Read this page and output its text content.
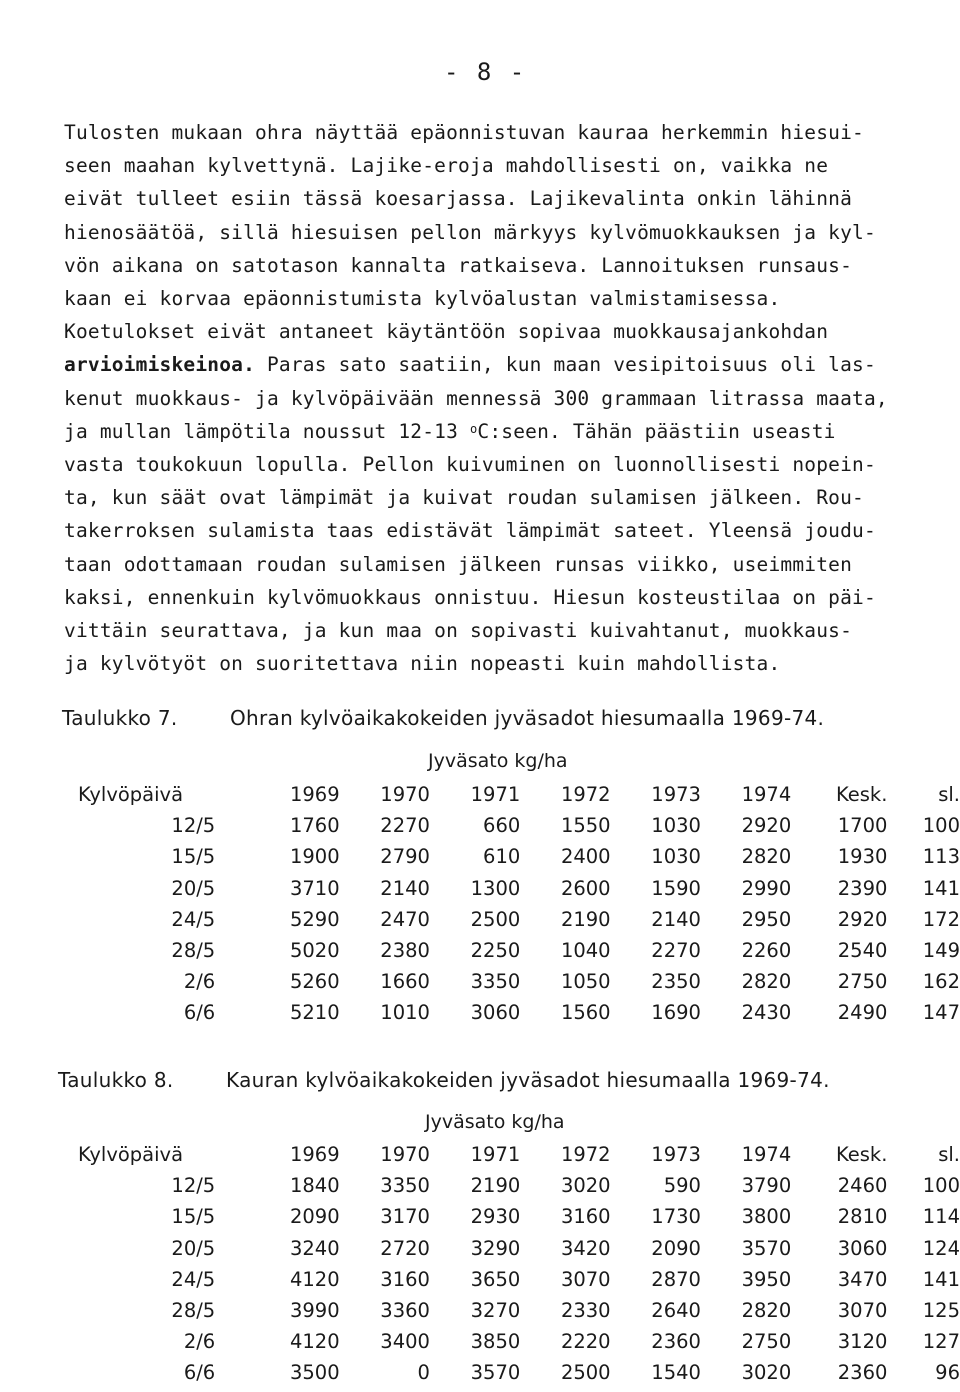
- 8 -

Tulosten mukaan ohra näyttää epäonnistuvan kauraa herkemmin hiesui-
seen maahan kylvettynä. Lajike-eroja mahdollisesti on, vaikka ne
eivät tulleet esiin tässä koesarjassa. Lajikevalinta onkin lähinnä
hienosäätöä, sillä hiesuisen pellon märkyys kylvömuokkauksen ja kyl-
vön aikana on satotason kannalta ratkaiseva. Lannoituksen runsaus-
kaan ei korvaa epäonnistumista kylvöalustan valmistamisessa.

Koetulokset eivät antaneet käytäntöön sopivaa muokkausajankohdan
arvioimiskeinoa. Paras sato saatiin, kun maan vesipitoisuus oli las-
kenut muokkaus- ja kylvöpäivään mennessä 300 grammaan litrassa maata,
ja mullan lämpötila noussut 12-13 $^o$C:seen. Tähän päästiin useasti
vasta toukokuun lopulla. Pellon kuivuminen on luonnollisesti nopein-
ta, kun säät ovat lämpimät ja kuivat roudan sulamisen jälkeen. Rou-
takerroksen sulamista taas edistävät lämpimät sateet. Yleensä joudu-
taan odottamaan roudan sulamisen jälkeen runsas viikko, useimmiten
kaksi, ennenkuin kylvömuokkaus onnistuu. Hiesun kosteustilaa on päi-
vittäin seurattava, ja kun maa on sopivasti kuivahtanut, muokkaus-
ja kylvötyöt on suoritettava niin nopeasti kuin mahdollista.

Taulukko 7.	Ohran kylvöaikakokeiden jyväsadot hiesumaalla 1969-74.
Jyväsato kg/ha
Kylvöpäivä	1969	1970	1971	1972	1973	1974	Kesk.	sl.
12/5	1760	2270	660	1550	1030	2920	1700	100
15/5	1900	2790	610	2400	1030	2820	1930	113
20/5	3710	2140	1300	2600	1590	2990	2390	141
24/5	5290	2470	2500	2190	2140	2950	2920	172
28/5	5020	2380	2250	1040	2270	2260	2540	149
2/6	5260	1660	3350	1050	2350	2820	2750	162
6/6	5210	1010	3060	1560	1690	2430	2490	147
Taulukko 8.	Kauran kylvöaikakokeiden jyväsadot hiesumaalla 1969-74.
Jyväsato kg/ha
Kylvöpäivä	1969	1970	1971	1972	1973	1974	Kesk.	sl.
12/5	1840	3350	2190	3020	590	3790	2460	100
15/5	2090	3170	2930	3160	1730	3800	2810	114
20/5	3240	2720	3290	3420	2090	3570	3060	124
24/5	4120	3160	3650	3070	2870	3950	3470	141
28/5	3990	3360	3270	2330	2640	2820	3070	125
2/6	4120	3400	3850	2220	2360	2750	3120	127
6/6	3500	0	3570	2500	1540	3020	2360	96
